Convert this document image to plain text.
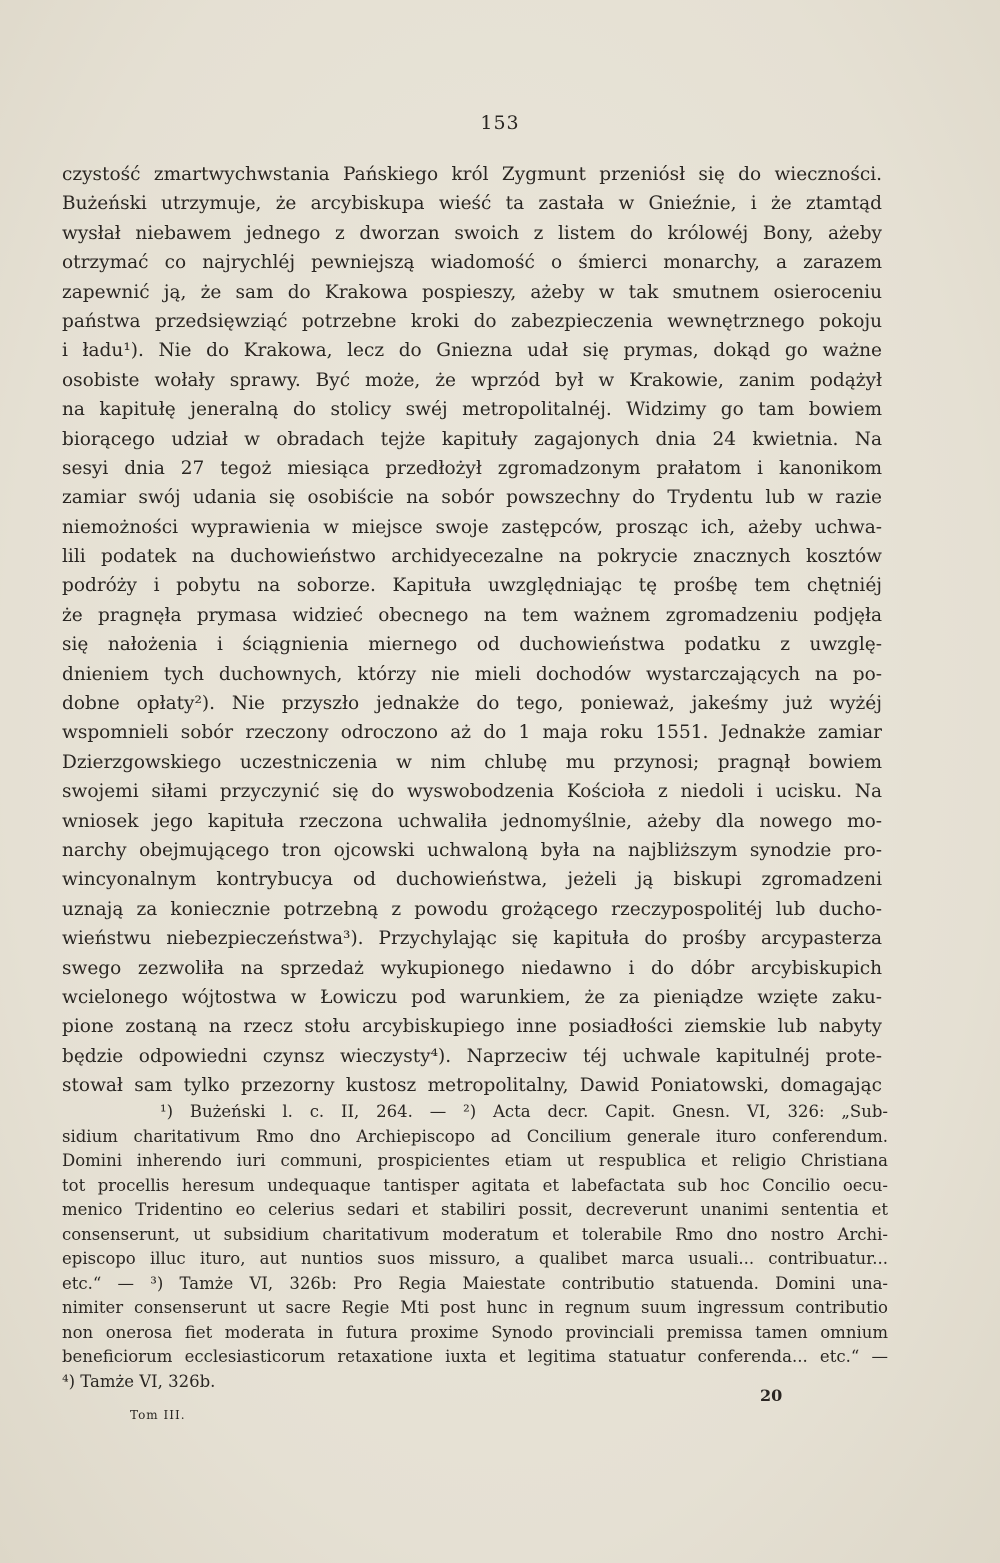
153
czystość zmartwychwstania Pańskiego król Zygmunt przeniósł się do wieczności.
Bużeński utrzymuje, że arcybiskupa wieść ta zastała w Gnieźnie, i że ztamtąd
wysłał niebawem jednego z dworzan swoich z listem do królowéj Bony, ażeby
otrzymać co najrychléj pewniejszą wiadomość o śmierci monarchy, a zarazem
zapewnić ją, że sam do Krakowa pospieszy, ażeby w tak smutnem osieroceniu
państwa przedsięwziąć potrzebne kroki do zabezpieczenia wewnętrznego pokoju
i ładu¹). Nie do Krakowa, lecz do Gniezna udał się prymas, dokąd go ważne
osobiste wołały sprawy. Być może, że wprzód był w Krakowie, zanim podążył
na kapitułę jeneralną do stolicy swéj metropolitalnéj. Widzimy go tam bowiem
biorącego udział w obradach tejże kapituły zagajonych dnia 24 kwietnia. Na
sesyi dnia 27 tegoż miesiąca przedłożył zgromadzonym prałatom i kanonikom
zamiar swój udania się osobiście na sobór powszechny do Trydentu lub w razie
niemożności wyprawienia w miejsce swoje zastępców, prosząc ich, ażeby uchwa-
lili podatek na duchowieństwo archidyecezalne na pokrycie znacznych kosztów
podróży i pobytu na soborze. Kapituła uwzględniając tę prośbę tem chętniéj
że pragnęła prymasa widzieć obecnego na tem ważnem zgromadzeniu podjęła
się nałożenia i ściągnienia miernego od duchowieństwa podatku z uwzglę-
dnieniem tych duchownych, którzy nie mieli dochodów wystarczających na po-
dobne opłaty²). Nie przyszło jednakże do tego, ponieważ, jakeśmy już wyżéj
wspomnieli sobór rzeczony odroczono aż do 1 maja roku 1551. Jednakże zamiar
Dzierzgowskiego uczestniczenia w nim chlubę mu przynosi; pragnął bowiem
swojemi siłami przyczynić się do wyswobodzenia Kościoła z niedoli i ucisku. Na
wniosek jego kapituła rzeczona uchwaliła jednomyślnie, ażeby dla nowego mo-
narchy obejmującego tron ojcowski uchwaloną była na najbliższym synodzie pro-
wincyonalnym kontrybucya od duchowieństwa, jeżeli ją biskupi zgromadzeni
uznają za koniecznie potrzebną z powodu grożącego rzeczypospolitéj lub ducho-
wieństwu niebezpieczeństwa³). Przychylając się kapituła do prośby arcypasterza
swego zezwoliła na sprzedaż wykupionego niedawno i do dóbr arcybiskupich
wcielonego wójtostwa w Łowiczu pod warunkiem, że za pieniądze wzięte zaku-
pione zostaną na rzecz stołu arcybiskupiego inne posiadłości ziemskie lub nabyty
będzie odpowiedni czynsz wieczysty⁴). Naprzeciw téj uchwale kapitulnéj prote-
stował sam tylko przezorny kustosz metropolitalny, Dawid Poniatowski, domagając
¹) Bużeński l. c. II, 264. — ²) Acta decr. Capit. Gnesn. VI, 326: „Sub-
sidium charitativum Rmo dno Archiepiscopo ad Concilium generale ituro conferendum.
Domini inherendo iuri communi, prospicientes etiam ut respublica et religio Christiana
tot procellis heresum undequaque tantisper agitata et labefactata sub hoc Concilio oecu-
menico Tridentino eo celerius sedari et stabiliri possit, decreverunt unanimi sententia et
consenserunt, ut subsidium charitativum moderatum et tolerabile Rmo dno nostro Archi-
episcopo illuc ituro, aut nuntios suos missuro, a qualibet marca usuali... contribuatur...
etc.“ — ³) Tamże VI, 326b: Pro Regia Maiestate contributio statuenda. Domini una-
nimiter consenserunt ut sacre Regie Mti post hunc in regnum suum ingressum contributio
non onerosa fiet moderata in futura proxime Synodo provinciali premissa tamen omnium
beneficiorum ecclesiasticorum retaxatione iuxta et legitima statuatur conferenda... etc.“ —
⁴) Tamże VI, 326b.
20
Tom III.
